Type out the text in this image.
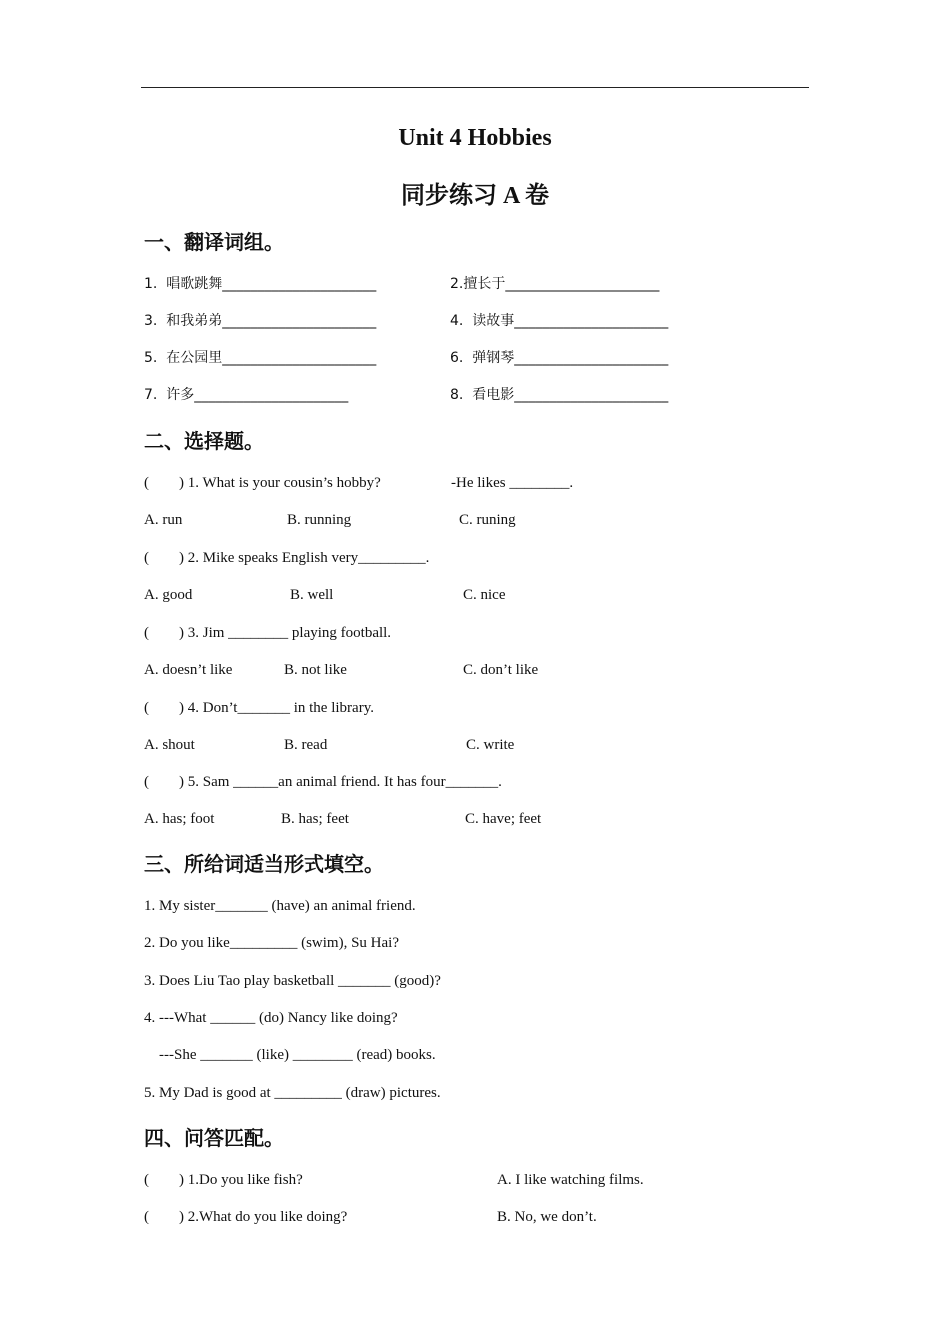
Unit 4 Hobbies
同步练习 A 卷
一、翻译词组。
1.  唱歌跳舞______________________	2.擅长于______________________
3.  和我弟弟______________________	4.  读故事______________________
5.  在公园里______________________	6.  弹钢琴______________________
7.  许多______________________	8.  看电影______________________
二、选择题。
(        ) 1. What is your cousin’s hobby?	-He likes ________.
A. run	B. running	C. runing
(        ) 2. Mike speaks English very_________.
A. good	B. well	C. nice
(        ) 3. Jim ________ playing football.
A. doesn’t like	B. not like	C. don’t like
(        ) 4. Don’t_______ in the library.
A. shout	B. read	C. write
(        ) 5. Sam ______an animal friend. It has four_______.
A. has; foot	B. has; feet	C. have; feet
三、所给词适当形式填空。
1. My sister_______ (have) an animal friend.
2. Do you like_________ (swim), Su Hai?
3. Does Liu Tao play basketball _______ (good)?
4. ---What ______ (do) Nancy like doing?
---She _______ (like) ________ (read) books.
5. My Dad is good at _________ (draw) pictures.
四、问答匹配。
(        ) 1.Do you like fish?	A. I like watching films.
(        ) 2.What do you like doing?	B. No, we don’t.
